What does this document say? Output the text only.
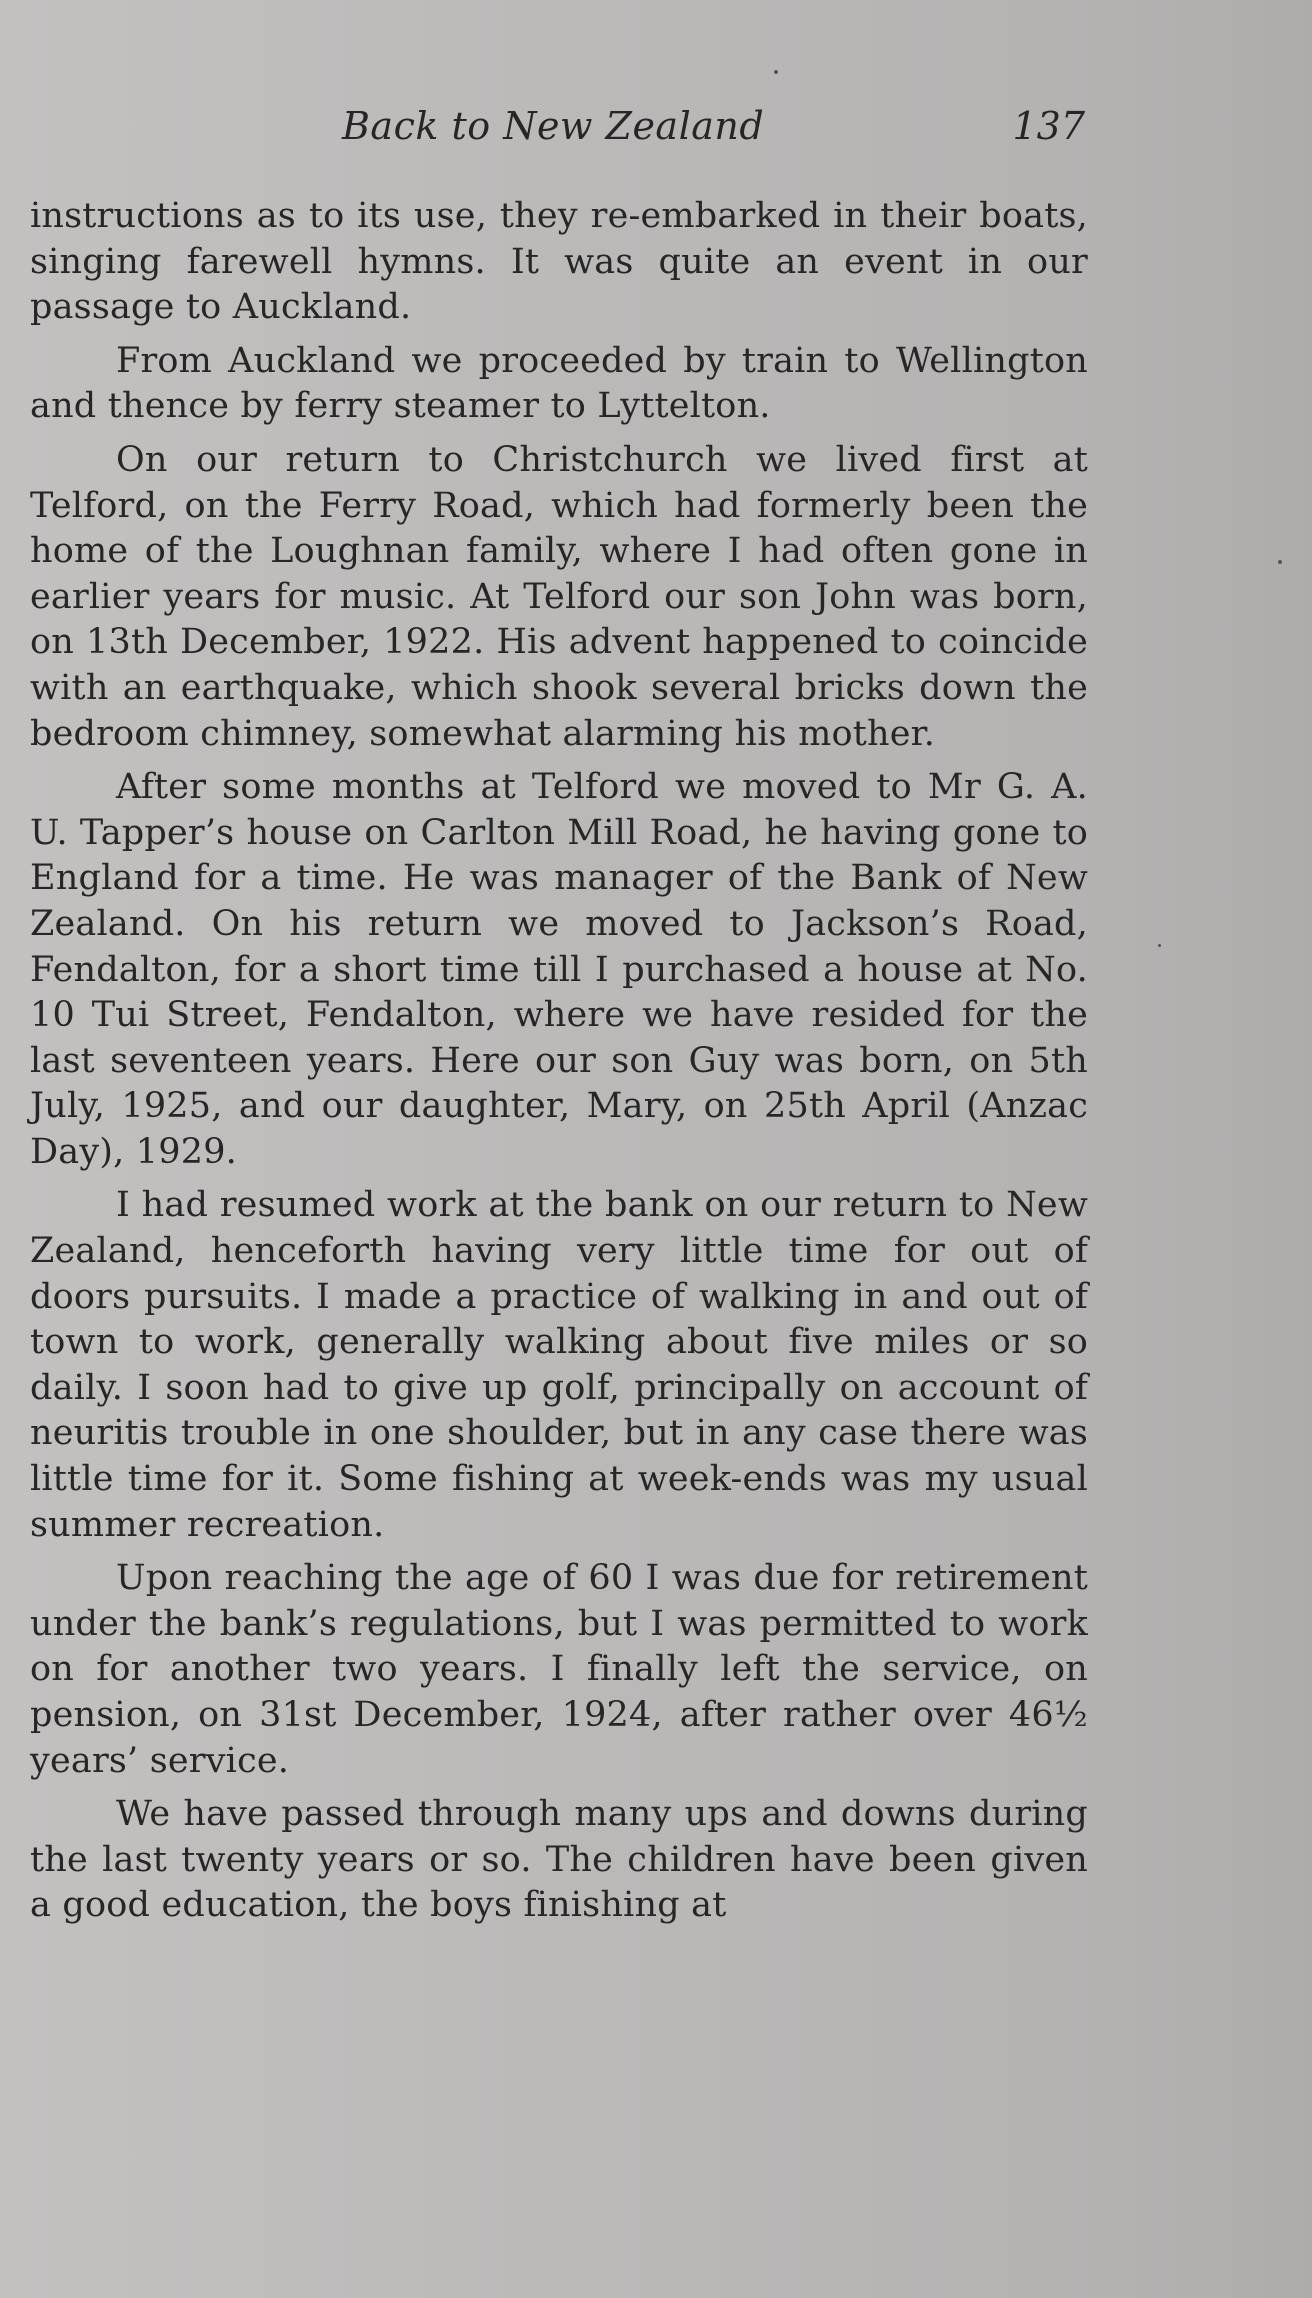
Back to New Zealand	137

instructions as to its use, they re-embarked in their boats, singing farewell hymns. It was quite an event in our passage to Auckland.

From Auckland we proceeded by train to Wellington and thence by ferry steamer to Lyttelton.

On our return to Christchurch we lived first at Telford, on the Ferry Road, which had formerly been the home of the Loughnan family, where I had often gone in earlier years for music. At Telford our son John was born, on 13th December, 1922. His advent happened to coincide with an earthquake, which shook several bricks down the bedroom chimney, somewhat alarming his mother.

After some months at Telford we moved to Mr G. A. U. Tapper’s house on Carlton Mill Road, he having gone to England for a time. He was manager of the Bank of New Zealand. On his return we moved to Jackson’s Road, Fendalton, for a short time till I purchased a house at No. 10 Tui Street, Fendalton, where we have resided for the last seventeen years. Here our son Guy was born, on 5th July, 1925, and our daughter, Mary, on 25th April (Anzac Day), 1929.

I had resumed work at the bank on our return to New Zealand, henceforth having very little time for out of doors pursuits. I made a practice of walking in and out of town to work, generally walking about five miles or so daily. I soon had to give up golf, principally on account of neuritis trouble in one shoulder, but in any case there was little time for it. Some fishing at week-ends was my usual summer recreation.

Upon reaching the age of 60 I was due for retirement under the bank’s regulations, but I was permitted to work on for another two years. I finally left the service, on pension, on 31st December, 1924, after rather over 46½ years’ service.

We have passed through many ups and downs during the last twenty years or so. The children have been given a good education, the boys finishing at
